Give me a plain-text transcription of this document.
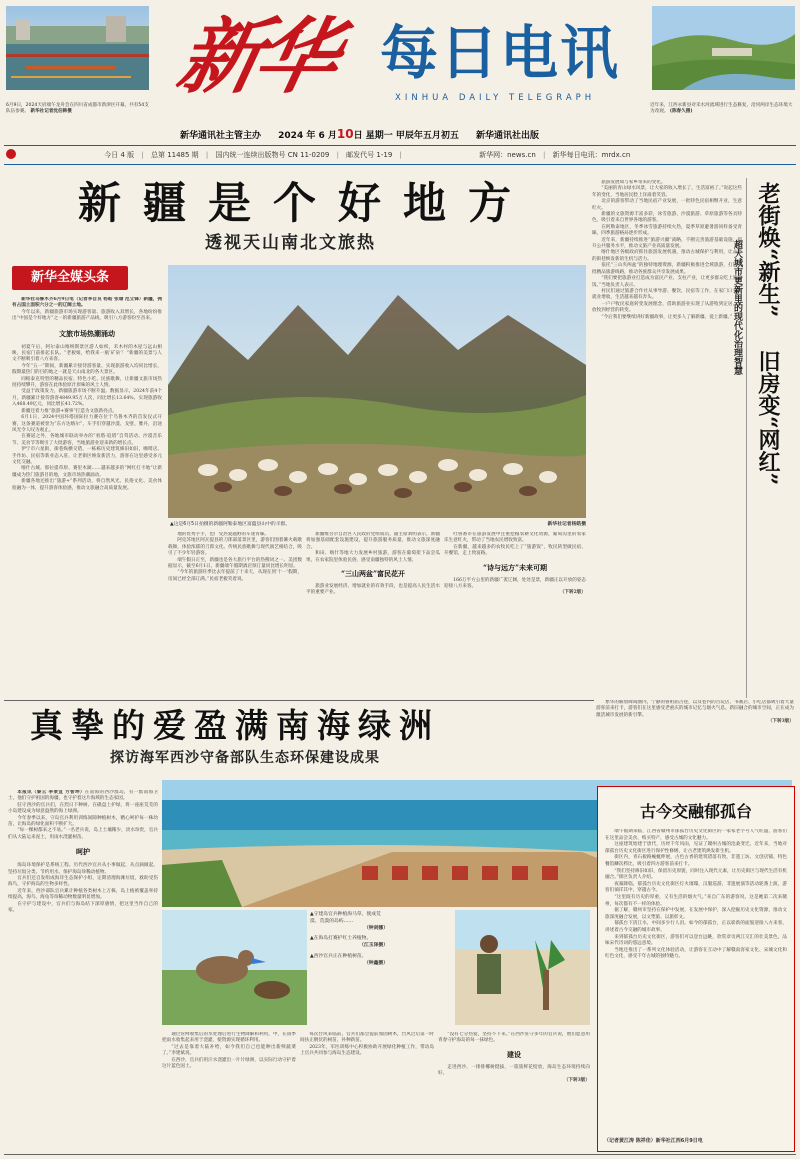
6月9日，2024天府端午龙舟会在四川省成都市新津区开幕，共有54支队伍参赛。 新华社记者沈伯韩摄
新华 每日电讯
XINHUA DAILY TELEGRAPH
近年来，江西永新县对禾水河流域进行生态修复，沿河两岸生态环境大为改观。 (陈春久摄)
新华通讯社主管主办 2024 年 6 月10日 星期一 甲辰年五月初五 新华通讯社出版
今日 4 版 | 总第 11485 期 | 国内统一连续出版物号 CN 11-0209 | 邮发代号 1-19 |	新华网：news.cn | 新华每日电讯：mrdx.cn
新疆是个好地方
透视天山南北文旅热
新华全媒头条

新华社乌鲁木齐6月9日电（记者李自良 杨皓 张瑜 范立锋）新疆，拥有占国土面积六分之一的辽阔土地。

今年以来，新疆旅游市场实现游客量、旅游收入双增长，各地纷纷推出“中国是个好地方”之一的新疆旅游产品线，吸引八方游客纷至沓来。

文旅市场热潮涌动

初夏午后，阿尔泰山喀纳斯景区游人如织，禾木村的木屋与远山相映，民宿门前排起长队。“老板娘，给我来一瓶‘矿泉’！”新疆的美景与人文不断吸引着八方来客。

今年“五一”期间，新疆累计接待游客量、实现旅游收入均同比增长，假期最热门的目的地之一就是天山南北的各大景区。

同帕泰克特型的精品民宿、特色小吃、民族歌舞，让新疆文旅市场热度持续攀升，游客在此体验原汁原味的风土人情。

受益于政策发力，新疆旅游市场不断升温。数据显示，2024年前4个月，新疆累计接待游客4849.95万人次，同比增长13.64%，实现旅游收入468.49亿元，同比增长41.72%。

新疆还着力推“旅游+赛事”打造为文旅新亮点。

6月1日，2024中国环塔国际拉力赛在位于乌鲁木齐的首发仪式开赛，这条赛道被誉为“东方达喀尔”，车手们穿越沙漠、戈壁、雅丹，沿途风光令人叹为观止。

在赛道之外，各地城市联动举办的“看塔·追塔”自驾活动、沙漠音乐节、美食节等吸引了大批游客，当地旅游业迎来新的增长点。

伊宁市六星街，街巷纵横交错，一栋栋历史建筑修旧如旧，咖啡店、手作坊、民宿等新业态入驻，让老街区焕发新活力，游客在这里感受多元文化交融。

喀什古城、那拉提草原、赛里木湖……越来越多的“网红打卡地”让新疆成为热门旅游目的地，文旅市场热潮涌动。

新疆各地还推出“旅游+”系列活动，将自然风光、民俗文化、美食体验融为一体，提升游客体验感，推动文旅融合高质量发展。

▲这是6月5日拍摄的新疆阿勒泰地区富蕴县山中的羊群。	新华社记者杨皓摄

地的优秀手手，也广受热爱越野的车迷青睐。

阿克苏地区阿瓦提县的刀郎部落景区里，游客们围着篝火载歌载舞，体验浓郁的刀郎文化。传统民族歌舞与现代演艺相结合，吸引了不少年轻游客。

端午假日正至，新疆也是各大旅行平台的热搜词之一。美团数据显示，截至6月1日，新疆端午假期酒店预订量同比增长明显。

“今年的旅游旺季比去年提前了十来天，从现在到‘十一’假期，房间已经全部订满。”民宿老板笑着说。

新疆维吾尔自治区人民政府党组成员、副主席刘明表示，新疆将加强基础配套设施建设，提升旅游服务质量，推动文旅深度融合。

和田、喀什等地大力发展乡村旅游，游客在葡萄架下品尝瓜果，在农家院里体验民俗，感受南疆独特的风土人情。

“三山两盆”富民花开

旅游业发展经济、增加就业的有效手段，也是提高人民生活水平的重要产业。

吐鲁番市在旅游发展中注重挖掘农耕文化资源，葡萄沟里的农家乐生意红火，带动了当地农民增收致富。

在新疆，越来越多的农牧民吃上了“旅游饭”，牧民转型做民宿、开餐馆，走上致富路。

“诗与远方”未来可期

166万平方公里的新疆广袤辽阔，处处是景，新疆正以开放的姿态迎接八方来客。

（下转2版）

旅游发展如与家乡带来的变化。

“美丽的青山绿水风景，让大家的收入增长了，生活富裕了。”说起这些年的变化，当地居民脸上洋溢着笑容。

北京的游客带动了当地民宿产业发展，一批特色民宿相继开业，生意红火。

新疆的文旅资源丰富多彩，冰雪旅游、沙漠旅游、草原旅游等各具特色，吸引着来自世界各地的游客。

在阿勒泰地区，冬季冰雪旅游持续火热，夏季草原避暑游同样备受青睐，四季旅游格局逐步形成。

近年来，新疆持续推进“旅游兴疆”战略，不断完善旅游基础设施，提升公共服务水平，推动文旅产业高质量发展。

喀什地区各级政府抓住旅游发展机遇，推动古城保护与利用，让古老的街巷焕发新的生机与活力。

依托“三山夹两盆”的独特地理资源，新疆积极推进全域旅游，打造一批精品旅游线路，推动各族群众共享发展成果。

“我们要把旅游业打造成为富民产业、支柱产业，让更多群众吃上旅游饭。”当地负责人表示。

村民们通过旅游合作社从事导游、餐饮、民宿等工作，在家门口实现就业增收，生活越来越有奔头。

一户户牧民家庭转变发展理念，借助旅游业实现了从游牧到定居、从放牧到经营的转变。

“今后我们要继续讲好新疆故事，让更多人了解新疆、爱上新疆。”	老街焕“新生”
旧房变“网红”
超大城市更新里的现代化治理智慧

繁华的解放碑商圈内，宁静的鲁祖庙古巷，以及巷内的古玩店、书画店、小吃店都吸引着大量游客前来打卡，游客们在这里感受老重庆的城市记忆与烟火气息。新旧融合的城市空间，正在成为激活城市发展的新引擎。

（下转3版）
真挚的爱盈满南海绿洲
探访海军西沙守备部队生态环保建设成果

本报讯（黎云 李秉宣 方智坤）在南海的西沙群岛，有一群南海卫士，他们守护祖国的海疆，也守护着这片海域的生态家园。

驻守西沙的官兵们，在烈日下种树、在礁盘上护绿，将一座座荒芜的小岛建设成为绿意盎然的海上绿洲。

今年春季以来，守岛官兵利用训练间隙种植树木，精心呵护每一株幼苗，让海岛的绿化面积不断扩大。

“每一棵树都来之不易。”一名老兵说，岛上土壤稀少，淡水珍贵，官兵们从大陆运来泥土，用雨水浇灌树苗。

呵护

海岛环境保护是系统工程。历代西沙官兵从小事做起，从点滴做起，坚持垃圾分类、节约用水，保护海岛珍稀动植物。

官兵们还自发组成海洋生态保护小组，定期清理海滩垃圾，救助受伤海鸟，守护海岛的生物多样性。

近年来，西沙部队官兵累计种植各类树木上万株，岛上植被覆盖率持续提高，海鸟、海龟等珍稀动物数量明显增加。

在守护与建设中，官兵们与海岛结下深厚感情，把这里当作自己的家。

▲守建岛官兵种植海马草，使成荒漠、荒漠的岛屿……
（钟剑娜）
▲在海岛打赛护红土养植物。
（江玉泽摄）
▲西沙官兵正在种植树苗。
（钟鑫摄）

通过管网收集后的水处理后进行生物降解和利用，中，在雨季把雨水收集起来用于浇灌，使资源实现循环利用。

“过去是靠着大陆补给，如今我们自己也能种出新鲜蔬菜了。”李建斌说。

在西沙，官兵们用汗水浇灌出一片片绿洲，以实际行动守护着这片蓝色国土。

每次台风来临前，官兵们都会提前加固树木，台风过后第一时间扶正倒伏的树苗，补种新苗。

2023年，军医训练中心积极协助开展绿化种植工作，带动岛上官兵共同参与海岛生态建设。

“没有七分热爱，坚持不下来。”在西沙驻守多年的官兵说，他们愿意用青春守护海岛的每一抹绿色。

建设

走进西沙，一排排椰树挺拔，一簇簇鲜花绽放，海岛生态环境持续向好。

（下转3版）
古今交融郁孤台

端午假期来临，江西省赣州市郁孤台历史文化街区的一家家老字号人气旺盛，游客们在这里品尝美食、购买特产，感受古城的文化魅力。

这座建筑始建于唐代，历经千年风雨，见证了赣州古城的沧桑变迁。近年来，当地对郁孤台历史文化街区进行保护性修缮，让古老建筑焕发新生机。

街区内，青石板路蜿蜒伸展，古色古香的建筑错落有致，非遗工坊、文创店铺、特色餐馆鳞次栉比，吸引着四方游客前来打卡。

“我们坚持修旧如旧，保留历史原貌，同时注入现代元素，让历史街区与现代生活有机融合。”街区负责人介绍。

夜幕降临，郁孤台历史文化街区灯火璀璨，汉服巡游、非遗展演等活动轮番上演，游客们徜徉其中，穿越古今。

“这里既有历史的厚重，又有生活的烟火气。”来自广东的游客说，这是她第二次来赣州，每次都有不一样的体验。

据了解，赣州市坚持在保护中发展、在发展中保护，深入挖掘历史文化资源，推动文旅深度融合发展，以文塑旅、以旅彰文。

郁孤台下清江水，中间多少行人泪。如今的郁孤台，正以崭新的面貌迎接八方来客，讲述着古今交融的城市故事。

来到郁孤台历史文化街区，游客们可以登台远眺，欣赏章贡两江交汇的壮美景色，品味宋代诗词的悠远意境。

当地还推出了一系列文化体验活动，让游客在互动中了解赣南客家文化、宋城文化和红色文化，感受千年古城的独特魅力。

（记者黄江涛 陈祥佳）新华社江西6月9日电
